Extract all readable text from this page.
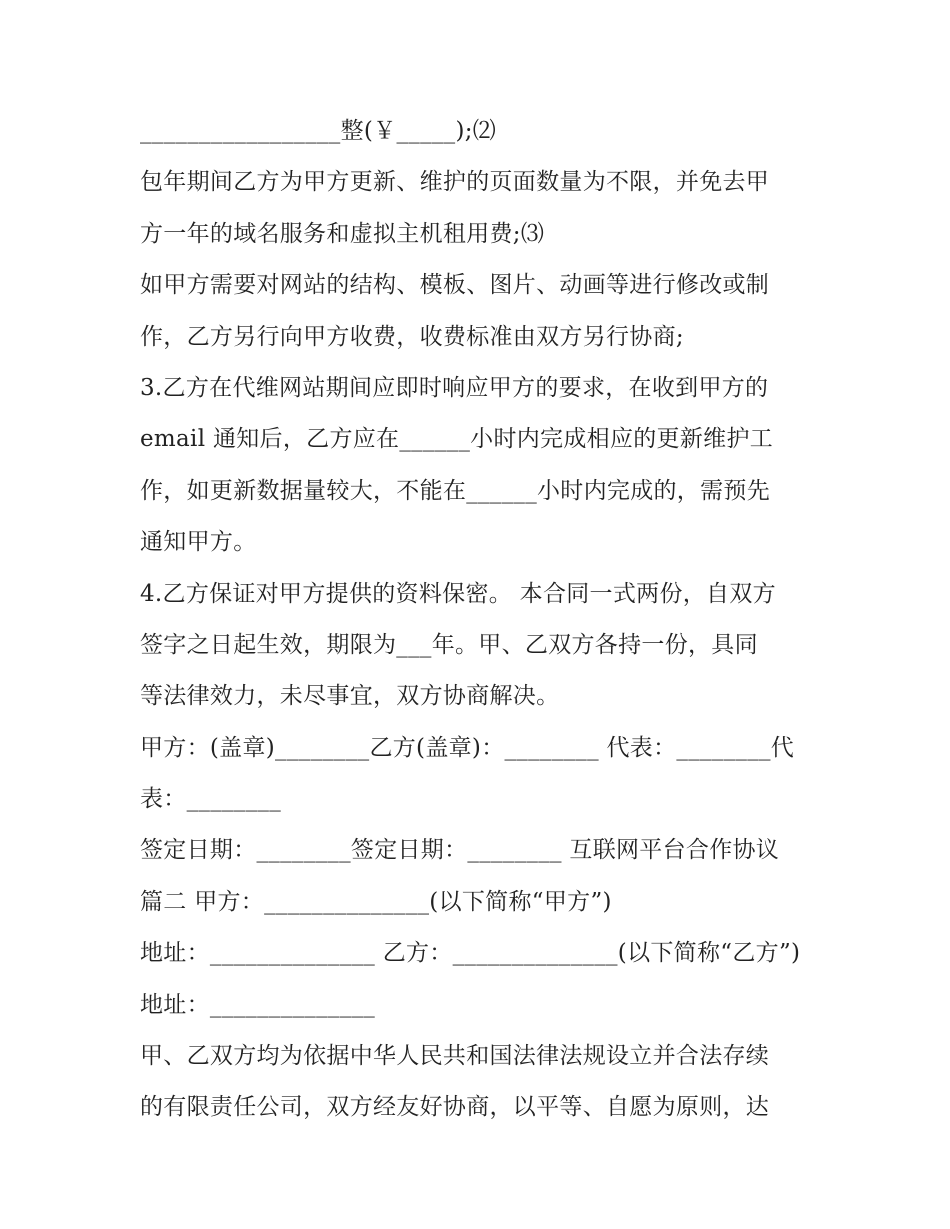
_________________整(￥_____);⑵
包年期间乙方为甲方更新、维护的页面数量为不限，并免去甲
方一年的域名服务和虚拟主机租用费;⑶
如甲方需要对网站的结构、模板、图片、动画等进行修改或制
作，乙方另行向甲方收费，收费标准由双方另行协商;
3.乙方在代维网站期间应即时响应甲方的要求，在收到甲方的
email 通知后，乙方应在______小时内完成相应的更新维护工
作，如更新数据量较大，不能在______小时内完成的，需预先
通知甲方。
4.乙方保证对甲方提供的资料保密。 本合同一式两份，自双方
签字之日起生效，期限为___年。甲、乙双方各持一份，具同
等法律效力，未尽事宜，双方协商解决。
甲方：(盖章)________乙方(盖章)：________ 代表：________代
表：________
签定日期：________签定日期：________ 互联网平台合作协议
篇二 甲方：______________(以下简称“甲方”)
地址：______________ 乙方：______________(以下简称“乙方”)
地址：______________
甲、乙双方均为依据中华人民共和国法律法规设立并合法存续
的有限责任公司，双方经友好协商，以平等、自愿为原则，达
